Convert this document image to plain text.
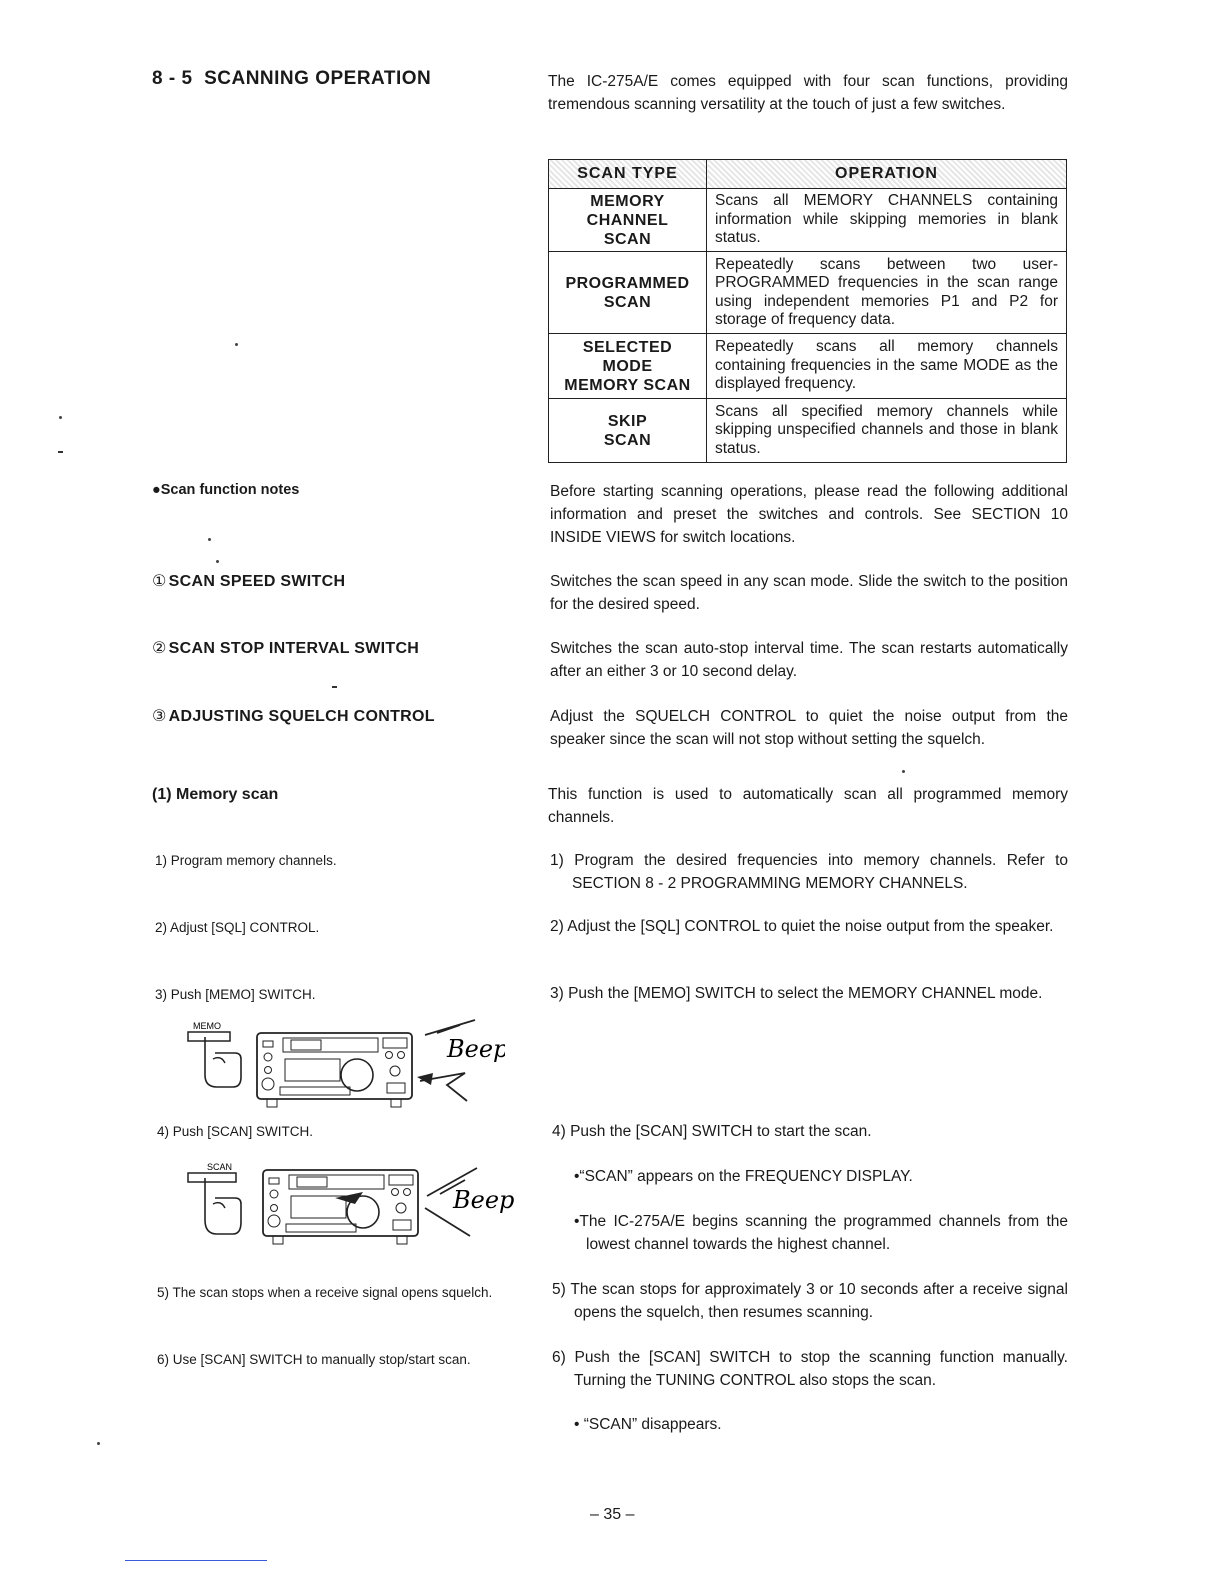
8 - 5 SCANNING OPERATION	The IC-275A/E comes equipped with four scan functions, providing tremendous scanning versatility at the touch of just a few switches.
SCAN TYPE	OPERATION

MEMORY
CHANNEL
SCAN	Scans all MEMORY CHANNELS containing information while skipping memories in blank status.

PROGRAMMED
SCAN	Repeatedly scans between two user-PROGRAMMED frequencies in the scan range using independent memories P1 and P2 for storage of frequency data.

SELECTED
MODE
MEMORY SCAN	Repeatedly scans all memory channels containing frequencies in the same MODE as the displayed frequency.

SKIP
SCAN	Scans all specified memory channels while skipping unspecified channels and those in blank status.
●Scan function notes	Before starting scanning operations, please read the following additional information and preset the switches and controls. See SECTION 10 INSIDE VIEWS for switch locations.
① SCAN SPEED SWITCH	Switches the scan speed in any scan mode. Slide the switch to the position for the desired speed.
② SCAN STOP INTERVAL SWITCH	Switches the scan auto-stop interval time. The scan restarts automatically after an either 3 or 10 second delay.
③ ADJUSTING SQUELCH CONTROL	Adjust the SQUELCH CONTROL to quiet the noise output from the speaker since the scan will not stop without setting the squelch.
(1) Memory scan	This function is used to automatically scan all programmed memory channels.
1) Program memory channels.
2) Adjust [SQL] CONTROL.
3) Push [MEMO] SWITCH.
4) Push [SCAN] SWITCH.
5) The scan stops when a receive signal opens squelch.
6) Use [SCAN] SWITCH to manually stop/start scan.
1) Program the desired frequencies into memory channels. Refer to SECTION 8 - 2 PROGRAMMING MEMORY CHANNELS.
2) Adjust the [SQL] CONTROL to quiet the noise output from the speaker.
3) Push the [MEMO] SWITCH to select the MEMORY CHANNEL mode.
4) Push the [SCAN] SWITCH to start the scan.
•“SCAN” appears on the FREQUENCY DISPLAY.
•The IC-275A/E begins scanning the programmed channels from the lowest channel towards the highest channel.
5) The scan stops for approximately 3 or 10 seconds after a receive signal opens the squelch, then resumes scanning.
6) Push the [SCAN] SWITCH to stop the scanning function manually. Turning the TUNING CONTROL also stops the scan.
• “SCAN” disappears.
MEMO
Beep
SCAN
Beep
– 35 –
